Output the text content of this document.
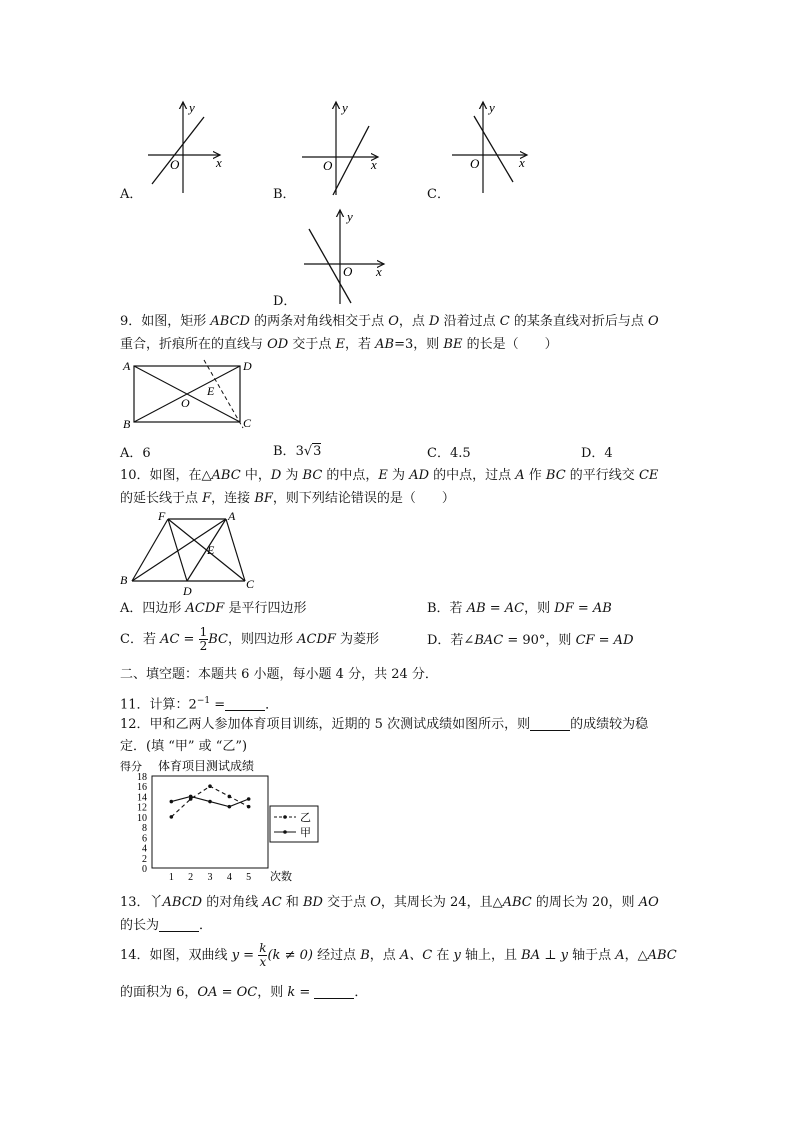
y
x
O
y
x
O
y
x
O
y
x
O
A．	B．	C．
D．
9．如图，矩形 ABCD 的两条对角线相交于点 O，点 D 沿着过点 C 的某条直线对折后与点 O
重合，折痕所在的直线与 OD 交于点 E，若 AB=3，则 BE 的长是（　　）
A
B	C
D
O
E
A．6	B．3√3	C．4.5	D．4
10．如图，在△ABC 中，D 为 BC 的中点，E 为 AD 的中点，过点 A 作 BC 的平行线交 CE
的延长线于点 F，连接 BF，则下列结论错误的是（　　）
F	A
E
B
D	C
A．四边形 ACDF 是平行四边形	B．若 AB = AC，则 DF = AB
C．若 AC = $\frac{1}{2}$ BC，则四边形 ACDF 为菱形	D．若∠BAC = 90°，则 CF = AD
二、填空题：本题共 6 小题，每小题 4 分，共 24 分．
11．计算：$2^{-1}$ =	．
12．甲和乙两人参加体育项目训练，近期的 5 次测试成绩如图所示，则	的成绩较为稳
定．(填 “甲” 或 “乙”)
得分 体育项目测试成绩
次数
0
2
4
6
8
10
12
14
16
18
1 2 3 4 5
乙
甲
13．丫ABCD 的对角线 AC 和 BD 交于点 O，其周长为 24，且△ABC 的周长为 20，则 AO
的长为	．
14．如图，双曲线 $y = \frac{k}{x} (k \ne 0)$ 经过点 B，点 A、C 在 y 轴上，且 BA ⊥ y 轴于点 A，△ABC
的面积为 6，OA = OC，则 k =	．
